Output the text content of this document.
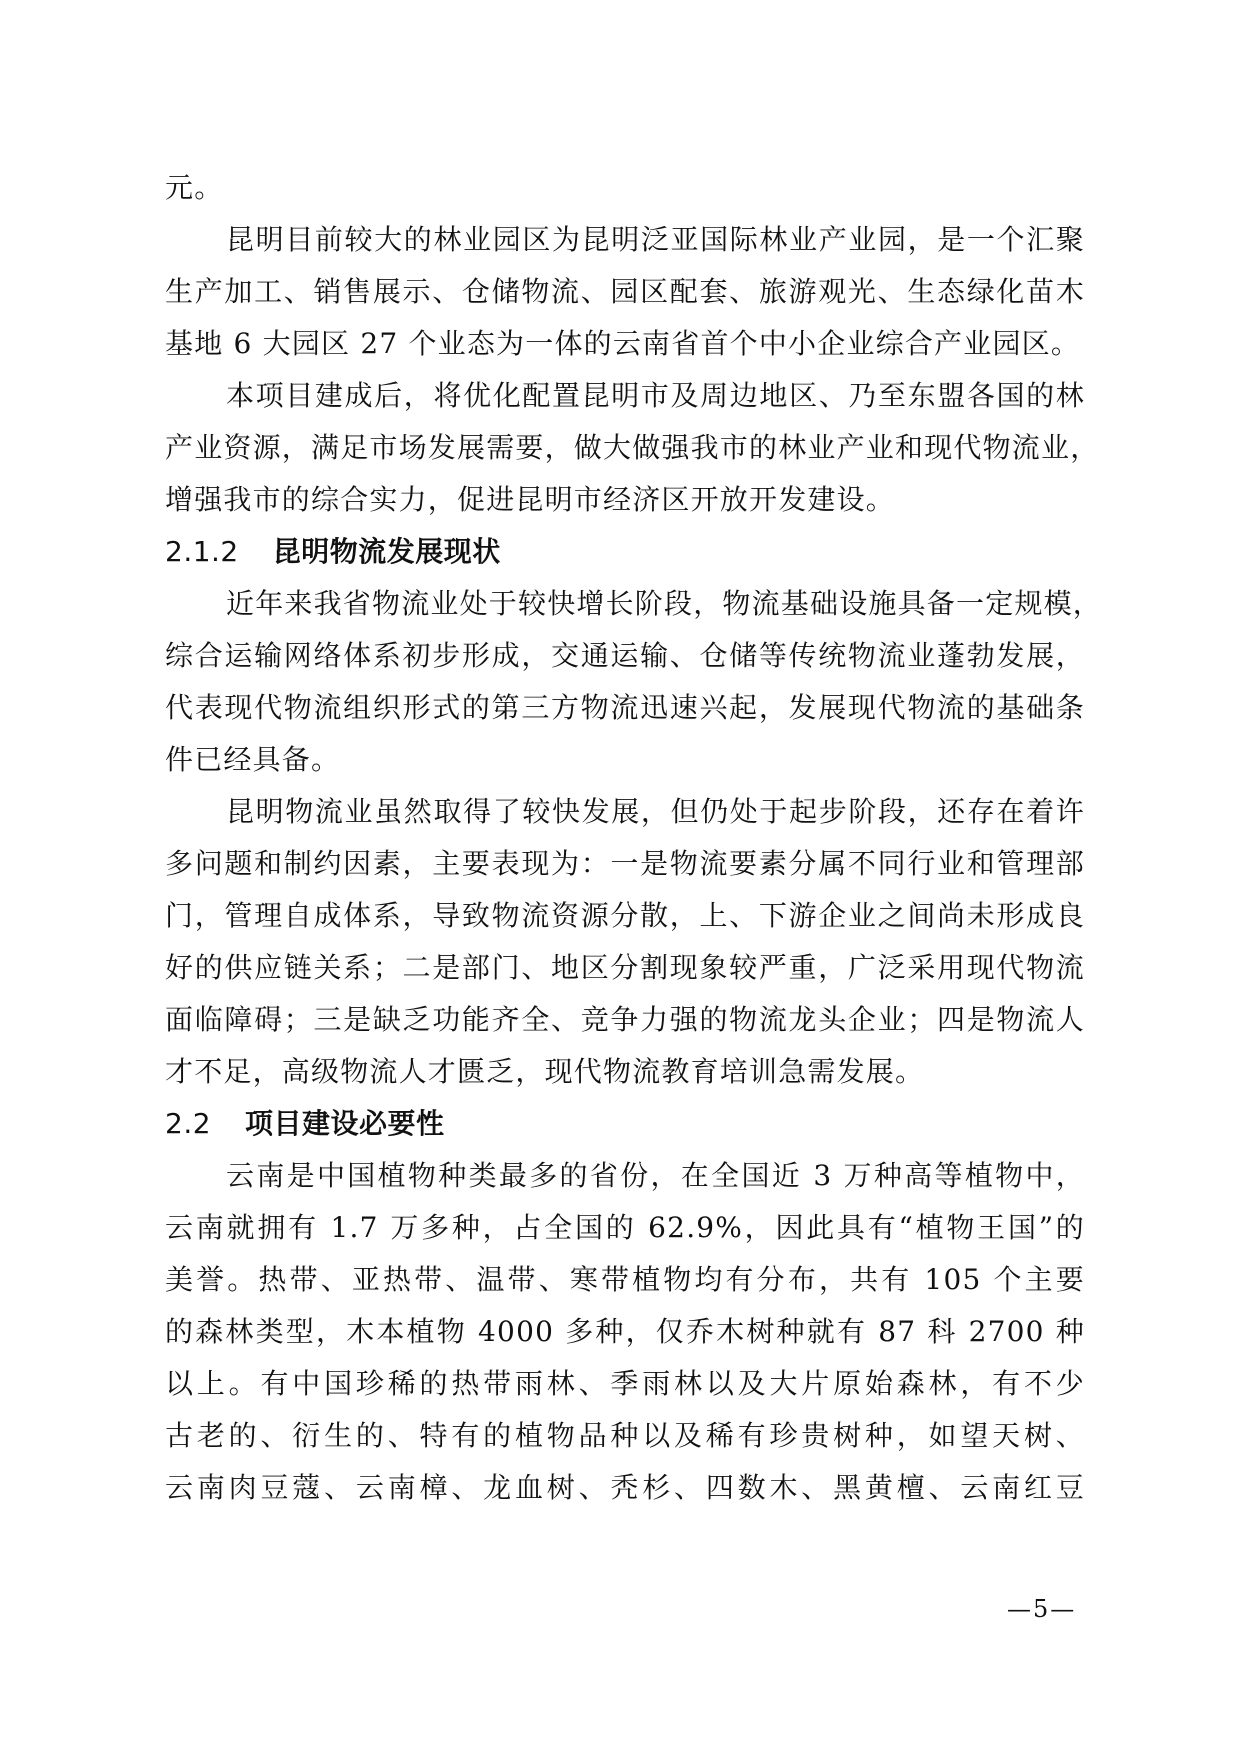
元。

昆明目前较大的林业园区为昆明泛亚国际林业产业园，是一个汇聚

生产加工、销售展示、仓储物流、园区配套、旅游观光、生态绿化苗木

基地 6 大园区 27 个业态为一体的云南省首个中小企业综合产业园区。

本项目建成后，将优化配置昆明市及周边地区、乃至东盟各国的林

产业资源，满足市场发展需要，做大做强我市的林业产业和现代物流业，

增强我市的综合实力，促进昆明市经济区开放开发建设。

2.1.2 昆明物流发展现状

近年来我省物流业处于较快增长阶段，物流基础设施具备一定规模，

综合运输网络体系初步形成，交通运输、仓储等传统物流业蓬勃发展，

代表现代物流组织形式的第三方物流迅速兴起，发展现代物流的基础条

件已经具备。

昆明物流业虽然取得了较快发展，但仍处于起步阶段，还存在着许

多问题和制约因素，主要表现为：一是物流要素分属不同行业和管理部

门，管理自成体系，导致物流资源分散，上、下游企业之间尚未形成良

好的供应链关系；二是部门、地区分割现象较严重，广泛采用现代物流

面临障碍；三是缺乏功能齐全、竞争力强的物流龙头企业；四是物流人

才不足，高级物流人才匮乏，现代物流教育培训急需发展。

2.2 项目建设必要性

云南是中国植物种类最多的省份，在全国近 3 万种高等植物中，

云南就拥有 1.7 万多种，占全国的 62.9%，因此具有“植物王国”的

美誉。热带、亚热带、温带、寒带植物均有分布，共有 105 个主要

的森林类型，木本植物 4000 多种，仅乔木树种就有 87 科 2700 种

以上。有中国珍稀的热带雨林、季雨林以及大片原始森林，有不少

古老的、衍生的、特有的植物品种以及稀有珍贵树种，如望天树、

云南肉豆蔻、云南樟、龙血树、秃杉、四数木、黑黄檀、云南红豆

—5—
